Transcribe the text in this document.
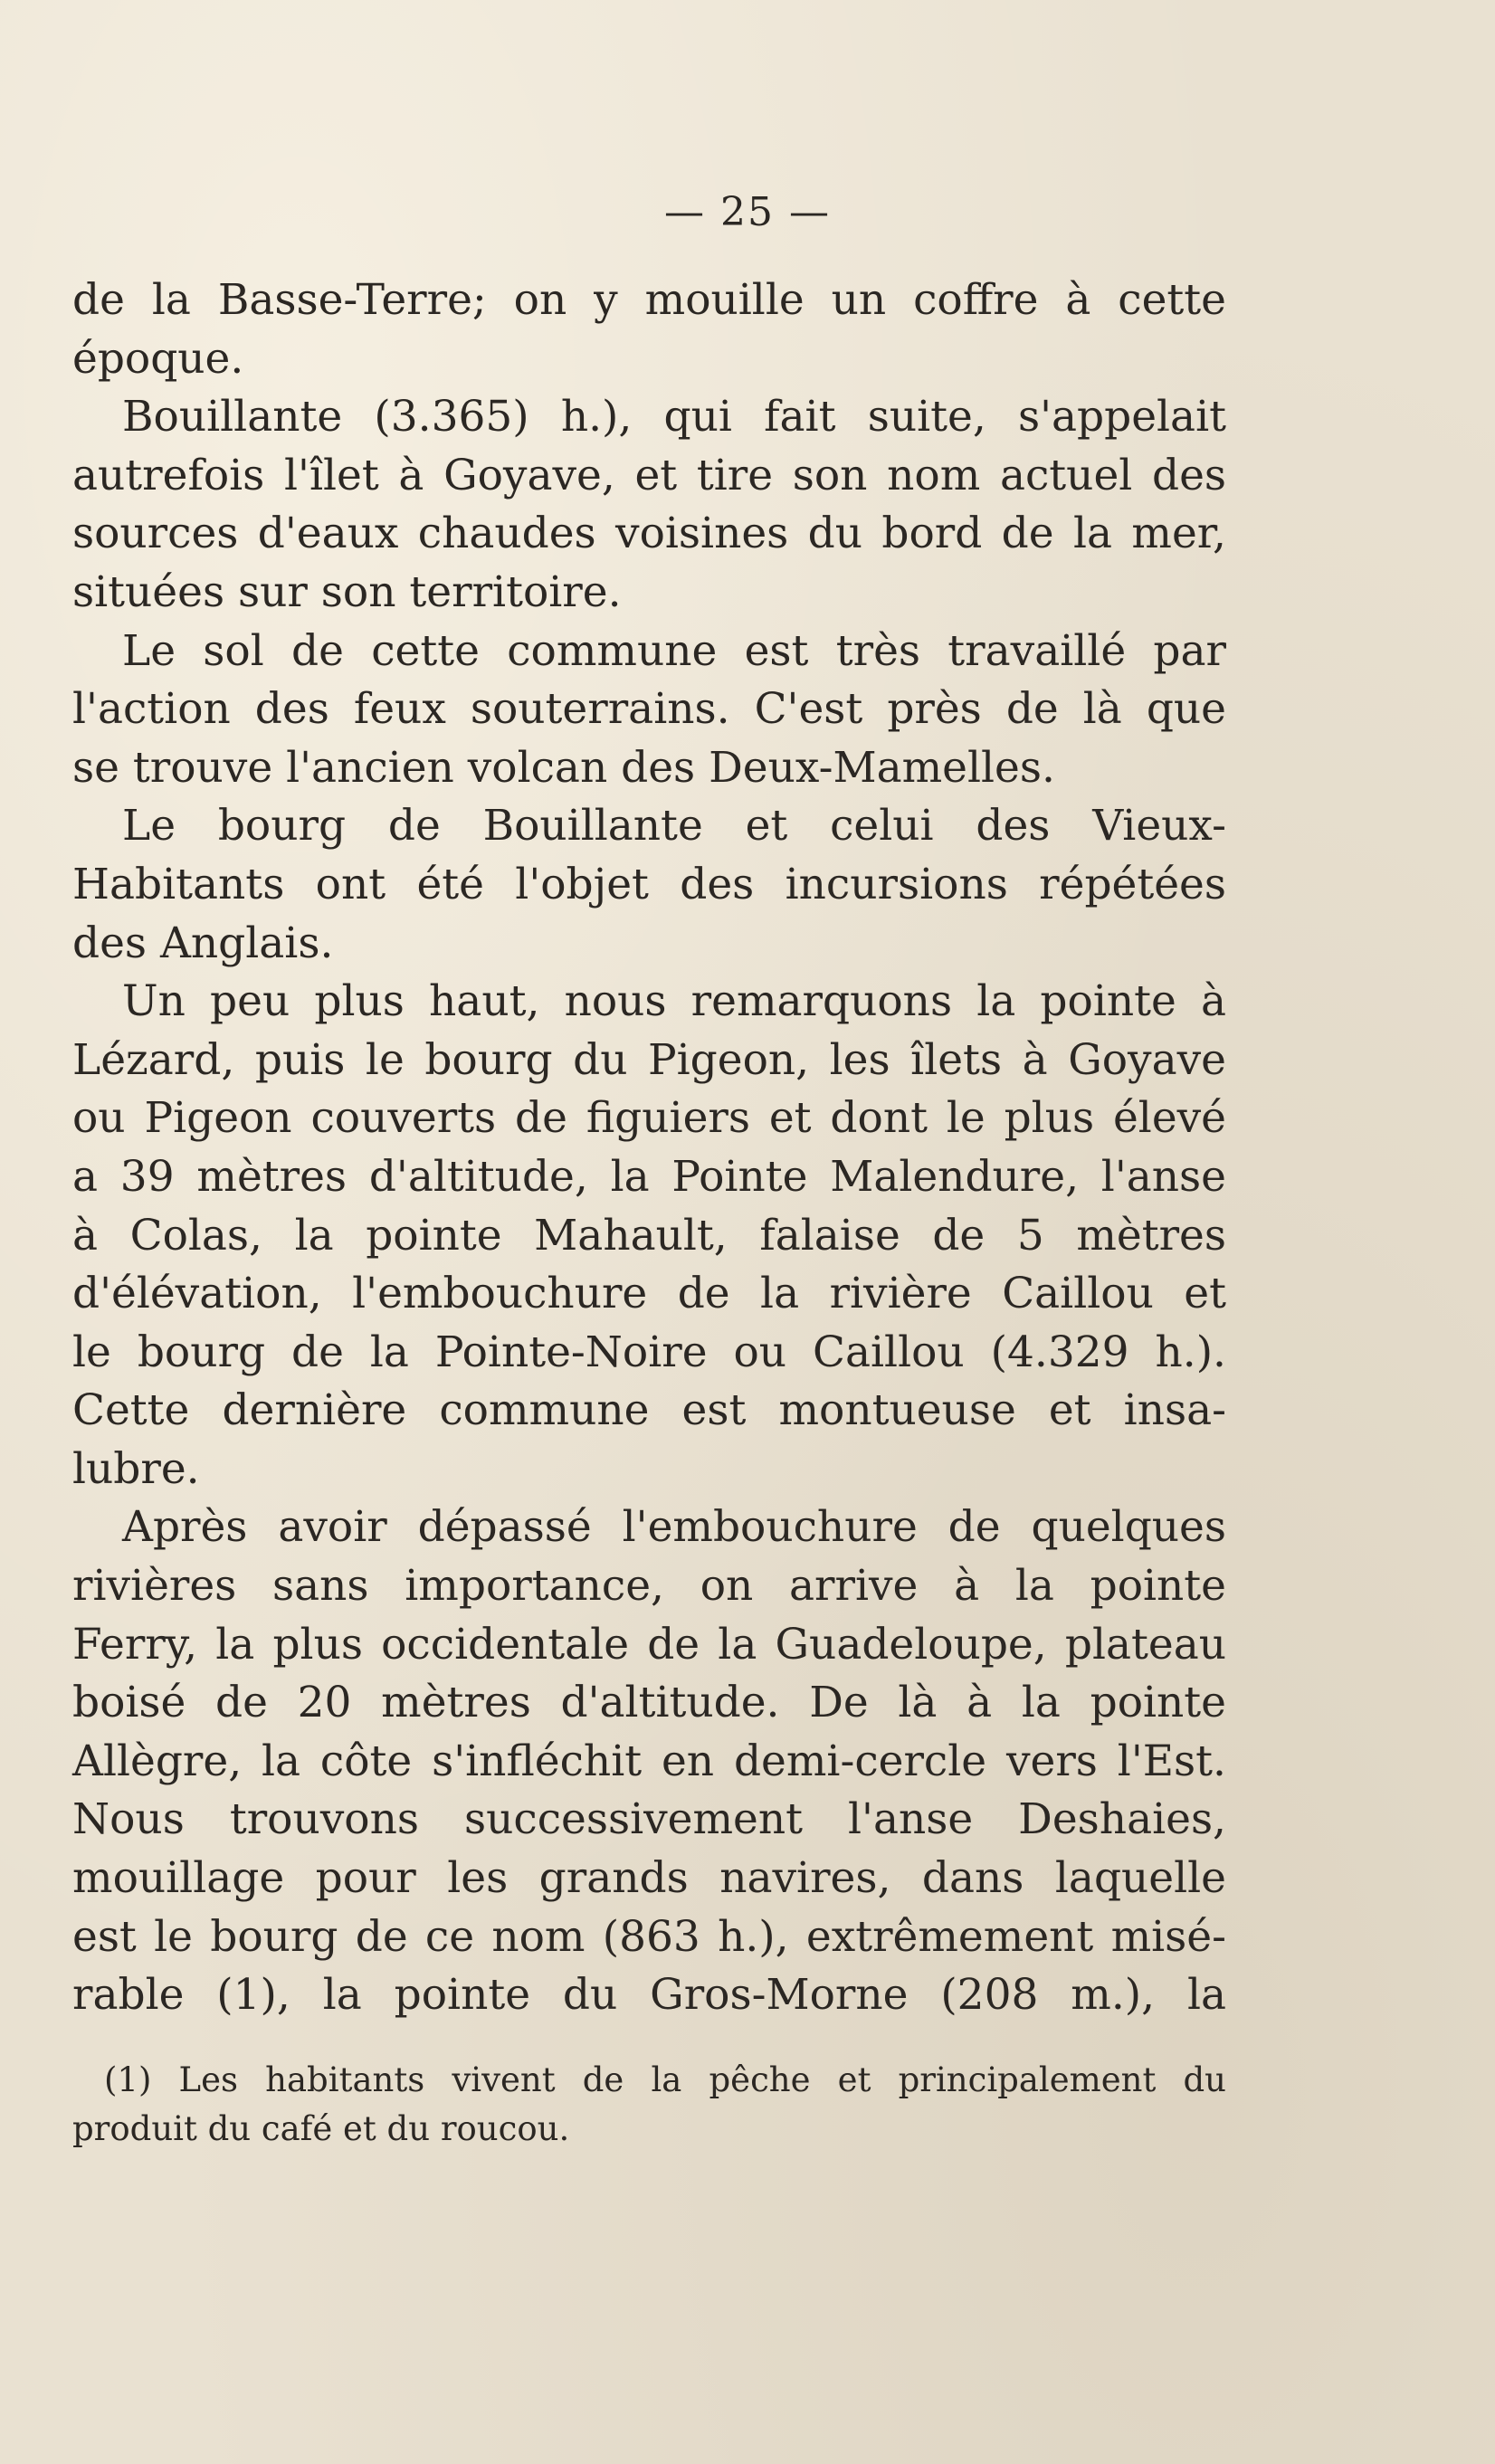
— 25 —
de la Basse-Terre; on y mouille un coffre à cette
époque.
Bouillante (3.365) h.), qui fait suite, s'appelait
autrefois l'îlet à Goyave, et tire son nom actuel des
sources d'eaux chaudes voisines du bord de la mer,
situées sur son territoire.
Le sol de cette commune est très travaillé par
l'action des feux souterrains. C'est près de là que
se trouve l'ancien volcan des Deux-Mamelles.
Le bourg de Bouillante et celui des Vieux-
Habitants ont été l'objet des incursions répétées
des Anglais.
Un peu plus haut, nous remarquons la pointe à
Lézard, puis le bourg du Pigeon, les îlets à Goyave
ou Pigeon couverts de figuiers et dont le plus élevé
a 39 mètres d'altitude, la Pointe Malendure, l'anse
à Colas, la pointe Mahault, falaise de 5 mètres
d'élévation, l'embouchure de la rivière Caillou et
le bourg de la Pointe-Noire ou Caillou (4.329 h.).
Cette dernière commune est montueuse et insa-
lubre.
Après avoir dépassé l'embouchure de quelques
rivières sans importance, on arrive à la pointe
Ferry, la plus occidentale de la Guadeloupe, plateau
boisé de 20 mètres d'altitude. De là à la pointe
Allègre, la côte s'infléchit en demi-cercle vers l'Est.
Nous trouvons successivement l'anse Deshaies,
mouillage pour les grands navires, dans laquelle
est le bourg de ce nom (863 h.), extrêmement misé-
rable (1), la pointe du Gros-Morne (208 m.), la
(1) Les habitants vivent de la pêche et principalement du
produit du café et du roucou.
